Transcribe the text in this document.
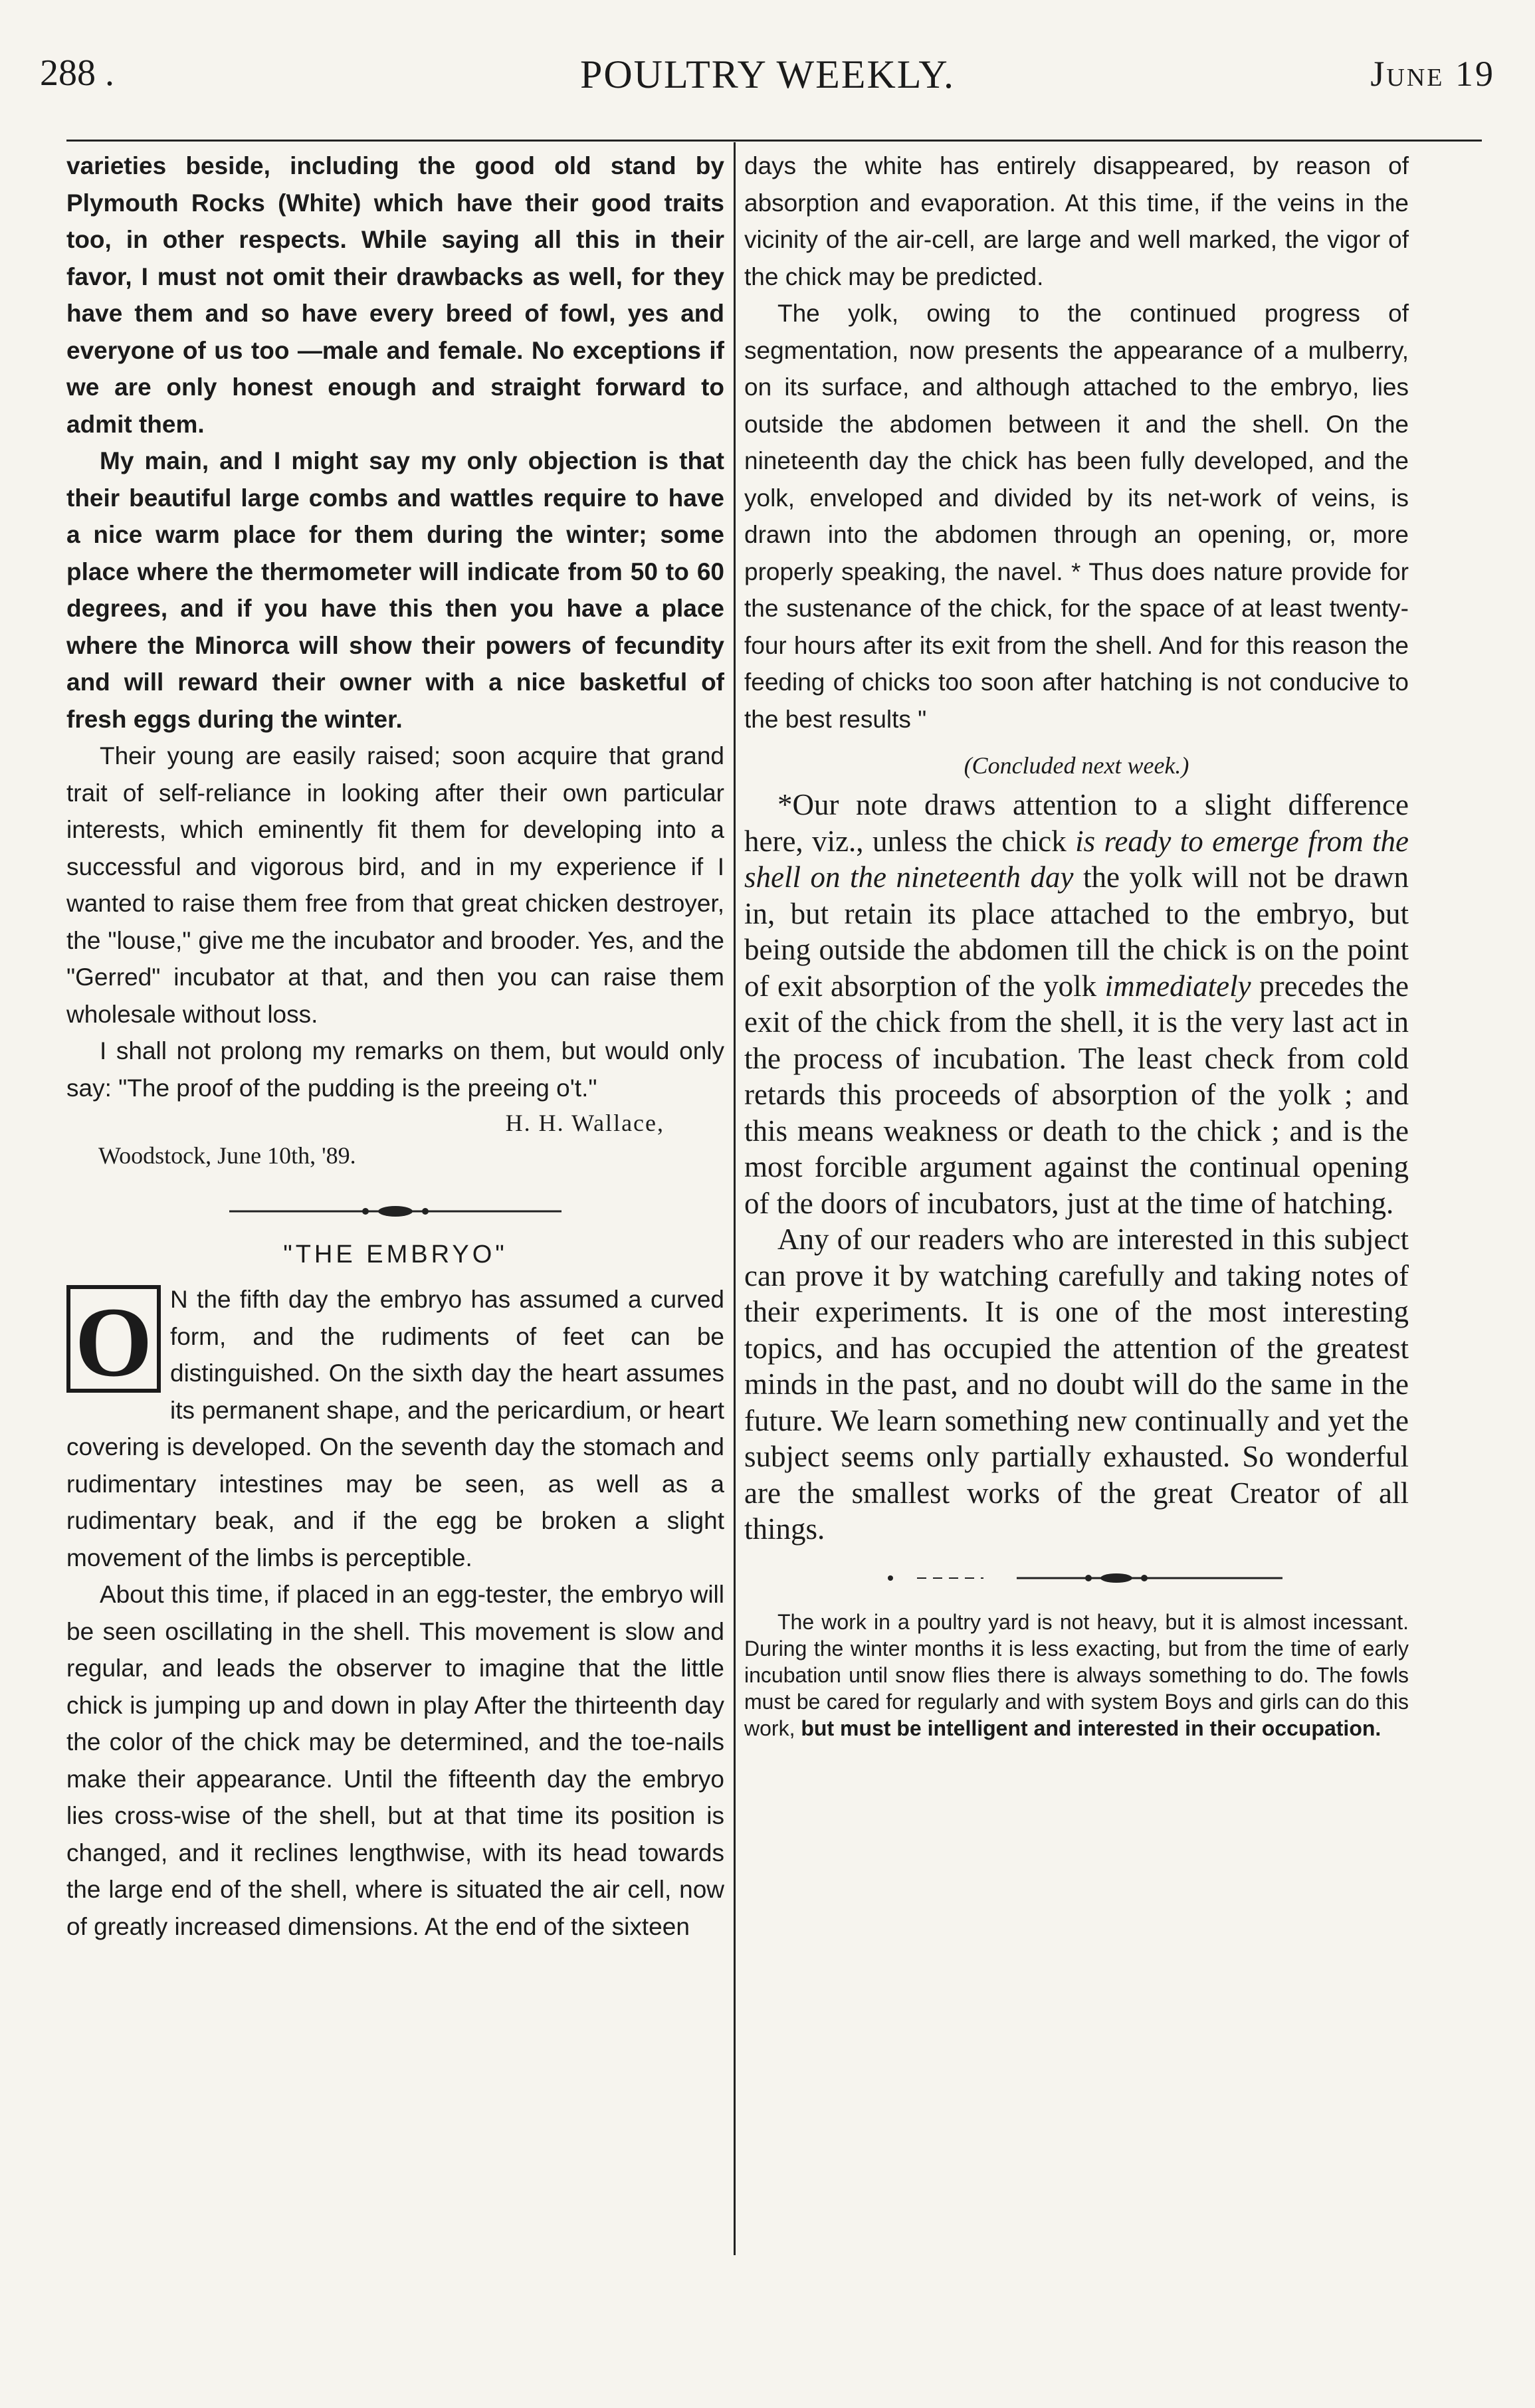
288 .	POULTRY WEEKLY.	June 19

varieties beside, including the good old stand by Plymouth Rocks (White) which have their good traits too, in other respects. While saying all this in their favor, I must not omit their drawbacks as well, for they have them and so have every breed of fowl, yes and everyone of us too —male and female. No exceptions if we are only honest enough and straight forward to admit them.

My main, and I might say my only objection is that their beautiful large combs and wattles require to have a nice warm place for them during the winter; some place where the thermometer will indicate from 50 to 60 degrees, and if you have this then you have a place where the Minorca will show their powers of fecundity and will reward their owner with a nice basketful of fresh eggs during the winter.

Their young are easily raised; soon acquire that grand trait of self-reliance in looking after their own particular interests, which eminently fit them for developing into a successful and vigorous bird, and in my experience if I wanted to raise them free from that great chicken destroyer, the "louse," give me the incubator and brooder. Yes, and the "Gerred" incubator at that, and then you can raise them wholesale without loss.

I shall not prolong my remarks on them, but would only say: "The proof of the pudding is the preeing o't."

H. H. Wallace,
Woodstock, June 10th, '89.
"THE EMBRYO"
O N the fifth day the embryo has assumed a curved form, and the rudiments of feet can be distinguished. On the sixth day the heart assumes its permanent shape, and the pericardium, or heart covering is developed. On the seventh day the stomach and rudimentary intestines may be seen, as well as a rudimentary beak, and if the egg be broken a slight movement of the limbs is perceptible.

About this time, if placed in an egg-tester, the embryo will be seen oscillating in the shell. This movement is slow and regular, and leads the observer to imagine that the little chick is jumping up and down in play After the thirteenth day the color of the chick may be determined, and the toe-nails make their appearance. Until the fifteenth day the embryo lies cross-wise of the shell, but at that time its position is changed, and it reclines lengthwise, with its head towards the large end of the shell, where is situated the air cell, now of greatly increased dimensions. At the end of the sixteen

days the white has entirely disappeared, by reason of absorption and evaporation. At this time, if the veins in the vicinity of the air-cell, are large and well marked, the vigor of the chick may be predicted.

The yolk, owing to the continued progress of segmentation, now presents the appearance of a mulberry, on its surface, and although attached to the embryo, lies outside the abdomen between it and the shell. On the nineteenth day the chick has been fully developed, and the yolk, enveloped and divided by its net-work of veins, is drawn into the abdomen through an opening, or, more properly speaking, the navel. * Thus does nature provide for the sustenance of the chick, for the space of at least twenty-four hours after its exit from the shell. And for this reason the feeding of chicks too soon after hatching is not conducive to the best results "

(Concluded next week.)

*Our note draws attention to a slight difference here, viz., unless the chick is ready to emerge from the shell on the nineteenth day the yolk will not be drawn in, but retain its place attached to the embryo, but being outside the abdomen till the chick is on the point of exit absorption of the yolk immediately precedes the exit of the chick from the shell, it is the very last act in the process of incubation. The least check from cold retards this proceeds of absorption of the yolk ; and this means weakness or death to the chick ; and is the most forcible argument against the continual opening of the doors of incubators, just at the time of hatching.

Any of our readers who are interested in this subject can prove it by watching carefully and taking notes of their experiments. It is one of the most interesting topics, and has occupied the attention of the greatest minds in the past, and no doubt will do the same in the future. We learn something new continually and yet the subject seems only partially exhausted. So wonderful are the smallest works of the great Creator of all things.

The work in a poultry yard is not heavy, but it is almost incessant. During the winter months it is less exacting, but from the time of early incubation until snow flies there is always something to do. The fowls must be cared for regularly and with system Boys and girls can do this work, but must be intelligent and interested in their occupation.
